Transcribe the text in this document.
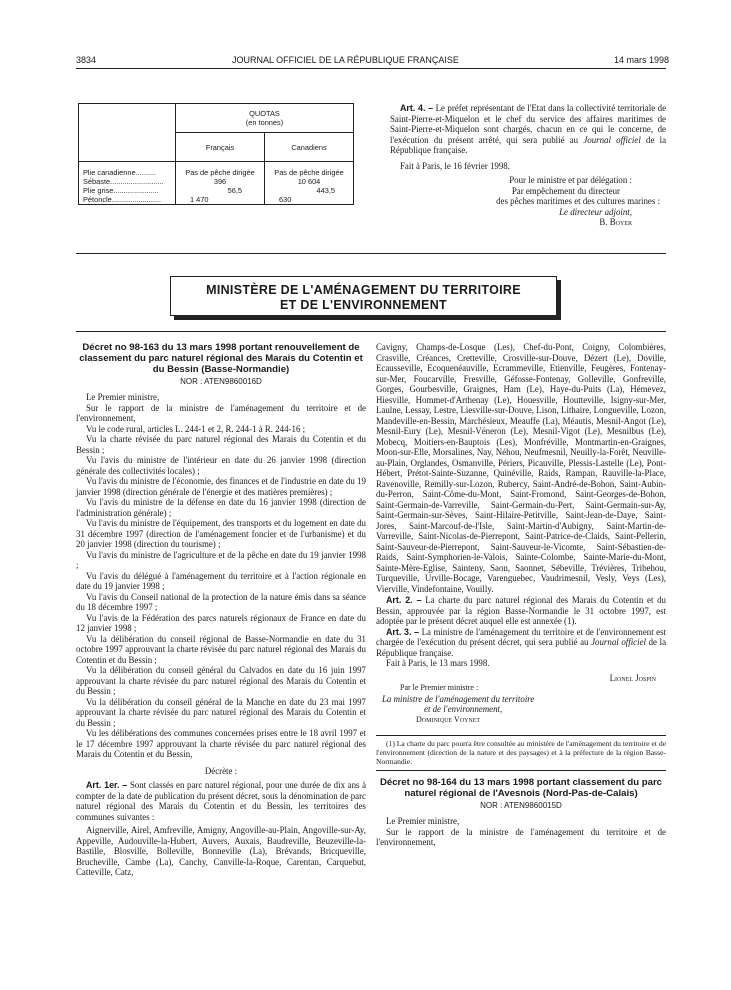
3834	JOURNAL OFFICIEL DE LA RÉPUBLIQUE FRANÇAISE	14 mars 1998

	QUOTAS
(en tonnes)	

	Français	Canadiens
Plie canadienne..........	Pas de pêche dirigée	Pas de pêche dirigée
Sébaste..........................	396	10 604
Plie grise......................	56,5	443,5
Pétoncle........................	1 470	630

Art. 4. – Le préfet représentant de l'Etat dans la collectivité territoriale de Saint-Pierre-et-Miquelon et le chef du service des affaires maritimes de Saint-Pierre-et-Miquelon sont chargés, chacun en ce qui le concerne, de l'exécution du présent arrêté, qui sera publié au Journal officiel de la République française.

Fait à Paris, le 16 février 1998.

Pour le ministre et par délégation :

Par empêchement du directeur

des pêches maritimes et des cultures marines :

Le directeur adjoint,

B. Boyer

MINISTÈRE DE L'AMÉNAGEMENT DU TERRITOIRE
ET DE L'ENVIRONNEMENT

Décret no 98-163 du 13 mars 1998 portant renouvellement de classement du parc naturel régional des Marais du Cotentin et du Bessin (Basse-Normandie)

NOR : ATEN9860016D

Le Premier ministre,

Sur le rapport de la ministre de l'aménagement du territoire et de l'environnement,

Vu le code rural, articles L. 244-1 et 2, R. 244-1 à R. 244-16 ;

Vu la charte révisée du parc naturel régional des Marais du Cotentin et du Bessin ;

Vu l'avis du ministre de l'intérieur en date du 26 janvier 1998 (direction générale des collectivités locales) ;

Vu l'avis du ministre de l'économie, des finances et de l'industrie en date du 19 janvier 1998 (direction générale de l'énergie et des matières premières) ;

Vu l'avis du ministre de la défense en date du 16 janvier 1998 (direction de l'administration générale) ;

Vu l'avis du ministre de l'équipement, des transports et du logement en date du 31 décembre 1997 (direction de l'aménagement foncier et de l'urbanisme) et du 20 janvier 1998 (direction du tourisme) ;

Vu l'avis du ministre de l'agriculture et de la pêche en date du 19 janvier 1998 ;

Vu l'avis du délégué à l'aménagement du territoire et à l'action régionale en date du 19 janvier 1998 ;

Vu l'avis du Conseil national de la protection de la nature émis dans sa séance du 18 décembre 1997 ;

Vu l'avis de la Fédération des parcs naturels régionaux de France en date du 12 janvier 1998 ;

Vu la délibération du conseil régional de Basse-Normandie en date du 31 octobre 1997 approuvant la charte révisée du parc naturel régional des Marais du Cotentin et du Bessin ;

Vu la délibération du conseil général du Calvados en date du 16 juin 1997 approuvant la charte révisée du parc naturel régional des Marais du Cotentin et du Bessin ;

Vu la délibération du conseil général de la Manche en date du 23 mai 1997 approuvant la charte révisée du parc naturel régional des Marais du Cotentin et du Bessin ;

Vu les délibérations des communes concernées prises entre le 18 avril 1997 et le 17 décembre 1997 approuvant la charte révisée du parc naturel régional des Marais du Cotentin et du Bessin,

Décrète :

Art. 1er. – Sont classés en parc naturel régional, pour une durée de dix ans à compter de la date de publication du présent décret, sous la dénomination de parc naturel régional des Marais du Cotentin et du Bessin, les territoires des communes suivantes :

Aignerville, Airel, Amfreville, Amigny, Angoville-au-Plain, Angoville-sur-Ay, Appeville, Audouville-la-Hubert, Auvers, Auxais, Baudreville, Beuzeville-la-Bastille, Blosville, Bolleville, Bonneville (La), Brévands, Bricqueville, Brucheville, Cambe (La), Canchy, Canville-la-Roque, Carentan, Carquebut, Catteville, Catz,

Cavigny, Champs-de-Losque (Les), Chef-du-Pont, Coigny, Colombières, Crasville, Créances, Cretteville, Crosville-sur-Douve, Dézert (Le), Doville, Ecausseville, Ecoquenéauville, Ecrammeville, Etienville, Feugères, Fontenay-sur-Mer, Foucarville, Fresville, Géfosse-Fontenay, Golleville, Gonfreville, Gorges, Gourbesville, Graignes, Ham (Le), Haye-du-Puits (La), Hémevez, Hiesville, Hommet-d'Arthenay (Le), Houesville, Houtteville, Isigny-sur-Mer, Laulne, Lessay, Lestre, Liesville-sur-Douve, Lison, Lithaire, Longueville, Lozon, Mandeville-en-Bessin, Marchésieux, Meauffe (La), Méautis, Mesnil-Angot (Le), Mesnil-Eury (Le), Mesnil-Véneron (Le), Mesnil-Vigot (Le), Mesnilbus (Le), Mobecq, Moitiers-en-Bauptois (Les), Monfréville, Montmartin-en-Graignes, Moon-sur-Elle, Morsalines, Nay, Néhou, Neufmesnil, Neuilly-la-Forêt, Neuville-au-Plain, Orglandes, Osmanville, Périers, Picauville, Plessis-Lastelle (Le), Pont-Hébert, Prétot-Sainte-Suzanne, Quinéville, Raids, Rampan, Rauville-la-Place, Ravenoville, Remilly-sur-Lozon, Rubercy, Saint-André-de-Bohon, Saint-Aubin-du-Perron, Saint-Côme-du-Mont, Saint-Fromond, Saint-Georges-de-Bohon, Saint-Germain-de-Varreville, Saint-Germain-du-Pert, Saint-Germain-sur-Ay, Saint-Germain-sur-Sèves, Saint-Hilaire-Petitville, Saint-Jean-de-Daye, Saint-Jores, Saint-Marcouf-de-l'Isle, Saint-Martin-d'Aubigny, Saint-Martin-de-Varreville, Saint-Nicolas-de-Pierrepont, Saint-Patrice-de-Claids, Saint-Pellerin, Saint-Sauveur-de-Pierrepont, Saint-Sauveur-le-Vicomte, Saint-Sébastien-de-Raids, Saint-Symphorien-le-Valois, Sainte-Colombe, Sainte-Marie-du-Mont, Sainte-Mère-Eglise, Sainteny, Saon, Saonnet, Sébeville, Trévières, Tribehou, Turqueville, Urville-Bocage, Varenguebec, Vaudrimesnil, Vesly, Veys (Les), Vierville, Vindefontaine, Vouilly.

Art. 2. – La charte du parc naturel régional des Marais du Cotentin et du Bessin, approuvée par la région Basse-Normandie le 31 octobre 1997, est adoptée par le présent décret auquel elle est annexée (1).

Art. 3. – La ministre de l'aménagement du territoire et de l'environnement est chargée de l'exécution du présent décret, qui sera publié au Journal officiel de la République française.

Fait à Paris, le 13 mars 1998.

Lionel Jospin

Par le Premier ministre :

La ministre de l'aménagement du territoire

et de l'environnement,

Dominique Voynet

(1) La charte du parc pourra être consultée au ministère de l'aménagement du territoire et de l'environnement (direction de la nature et des paysages) et à la préfecture de la région Basse-Normandie.

Décret no 98-164 du 13 mars 1998 portant classement du parc naturel régional de l'Avesnois (Nord-Pas-de-Calais)

NOR : ATEN9860015D

Le Premier ministre,

Sur le rapport de la ministre de l'aménagement du territoire et de l'environnement,
